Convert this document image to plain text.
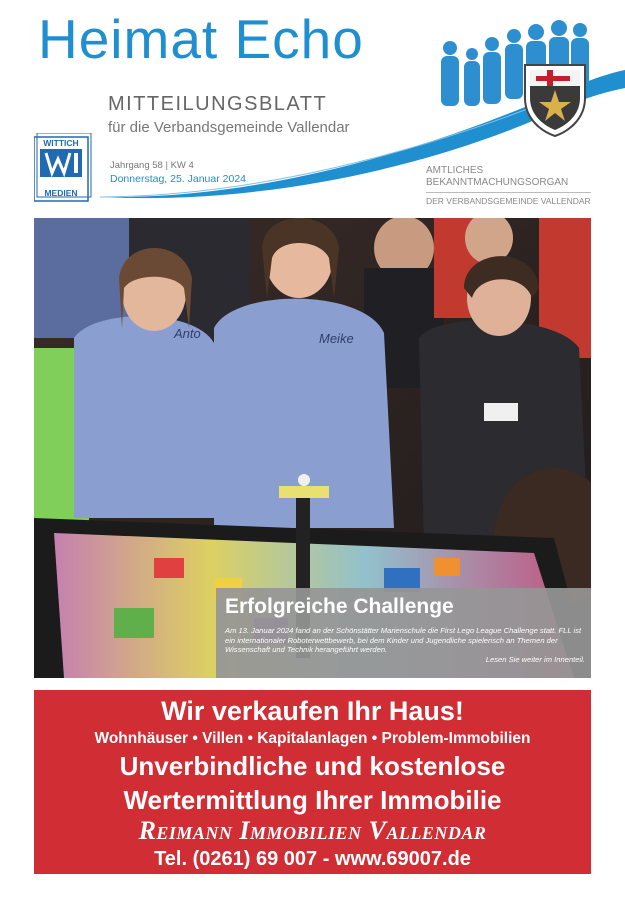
Heimat Echo
MITTEILUNGSBLATT
für die Verbandsgemeinde Vallendar
Jahrgang 58 | KW 4
Donnerstag, 25. Januar 2024
AMTLICHES
BEKANNTMACHUNGSORGAN
DER VERBANDSGEMEINDE VALLENDAR
WITTICH
MEDIEN
Anto	Meike
Erfolgreiche Challenge
Am 13. Januar 2024 fand an der Schönstätter Marienschule die First Lego League Challenge statt. FLL ist ein internationaler Roboterwettbewerb, bei dem Kinder und Jugendliche spielerisch an Themen der Wissenschaft und Technik herangeführt werden.
Lesen Sie weiter im Innenteil.
Wir verkaufen Ihr Haus!
Wohnhäuser • Villen • Kapitalanlagen • Problem-Immobilien
Unverbindliche und kostenlose
Wertermittlung Ihrer Immobilie
Reimann Immobilien Vallendar
Tel. (0261) 69 007 - www.69007.de
